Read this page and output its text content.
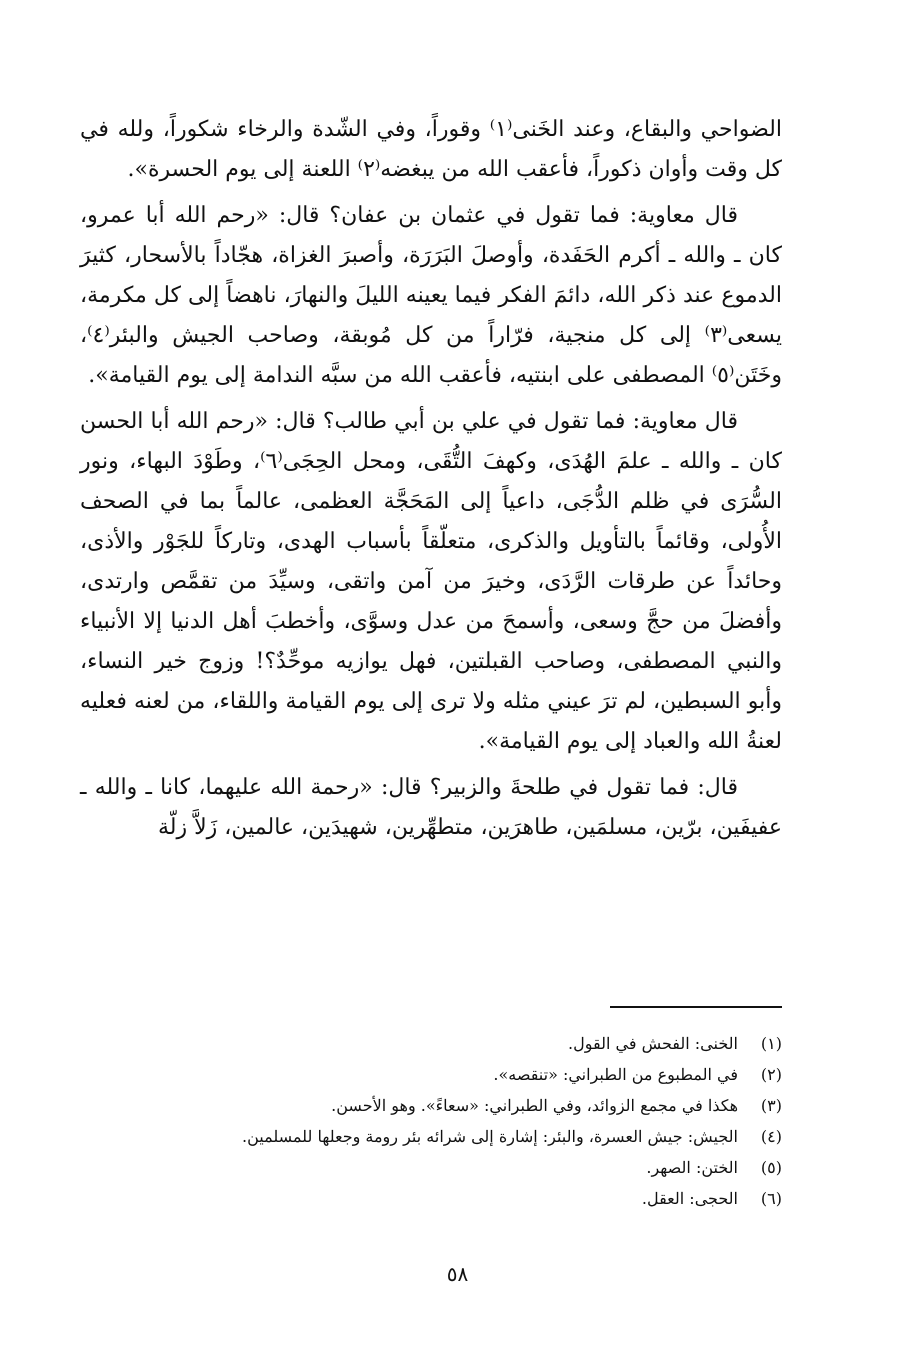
الضواحي والبقاع، وعند الخَنى⁽١⁾ وقوراً، وفي الشّدة والرخاء شكوراً، ولله في كل وقت وأوان ذكوراً، فأعقب الله من يبغضه⁽٢⁾ اللعنة إلى يوم الحسرة».

قال معاوية: فما تقول في عثمان بن عفان؟ قال: «رحم الله أبا عمرو، كان ـ والله ـ أكرم الحَفَدة، وأوصلَ البَرَرَة، وأصبرَ الغزاة، هجّاداً بالأسحار، كثيرَ الدموع عند ذكر الله، دائمَ الفكر فيما يعينه الليلَ والنهارَ، ناهضاً إلى كل مكرمة، يسعى⁽٣⁾ إلى كل منجية، فرّاراً من كل مُوبقة، وصاحب الجيش والبئر⁽٤⁾، وخَتَن⁽٥⁾ المصطفى على ابنتيه، فأعقب الله من سبَّه الندامة إلى يوم القيامة».

قال معاوية: فما تقول في علي بن أبي طالب؟ قال: «رحم الله أبا الحسن كان ـ والله ـ علمَ الهُدَى، وكهفَ التُّقَى، ومحل الحِجَى⁽٦⁾، وطَوْدَ البهاء، ونور السُّرَى في ظلم الدُّجَى، داعياً إلى المَحَجَّة العظمى، عالماً بما في الصحف الأُولى، وقائماً بالتأويل والذكرى، متعلّقاً بأسباب الهدى، وتاركاً للجَوْر والأذى، وحائداً عن طرقات الرَّدَى، وخيرَ من آمن واتقى، وسيِّدَ من تقمَّص وارتدى، وأفضلَ من حجَّ وسعى، وأسمحَ من عدل وسوَّى، وأخطبَ أهل الدنيا إلا الأنبياء والنبي المصطفى، وصاحب القبلتين، فهل يوازيه موحِّدٌ؟! وزوج خير النساء، وأبو السبطين، لم ترَ عيني مثله ولا ترى إلى يوم القيامة واللقاء، من لعنه فعليه لعنةُ الله والعباد إلى يوم القيامة».

قال: فما تقول في طلحةَ والزبير؟ قال: «رحمة الله عليهما، كانا ـ والله ـ عفيفَين، برّين، مسلمَين، طاهرَين، متطهِّرين، شهيدَين، عالمين، زَلاَّ زلّة

(١)الخنى: الفحش في القول.
(٢)في المطبوع من الطبراني: «تنقصه».
(٣)هكذا في مجمع الزوائد، وفي الطبراني: «سعاءً». وهو الأحسن.
(٤)الجيش: جيش العسرة، والبئر: إشارة إلى شرائه بئر رومة وجعلها للمسلمين.
(٥)الختن: الصهر.
(٦)الحجى: العقل.
٥٨
